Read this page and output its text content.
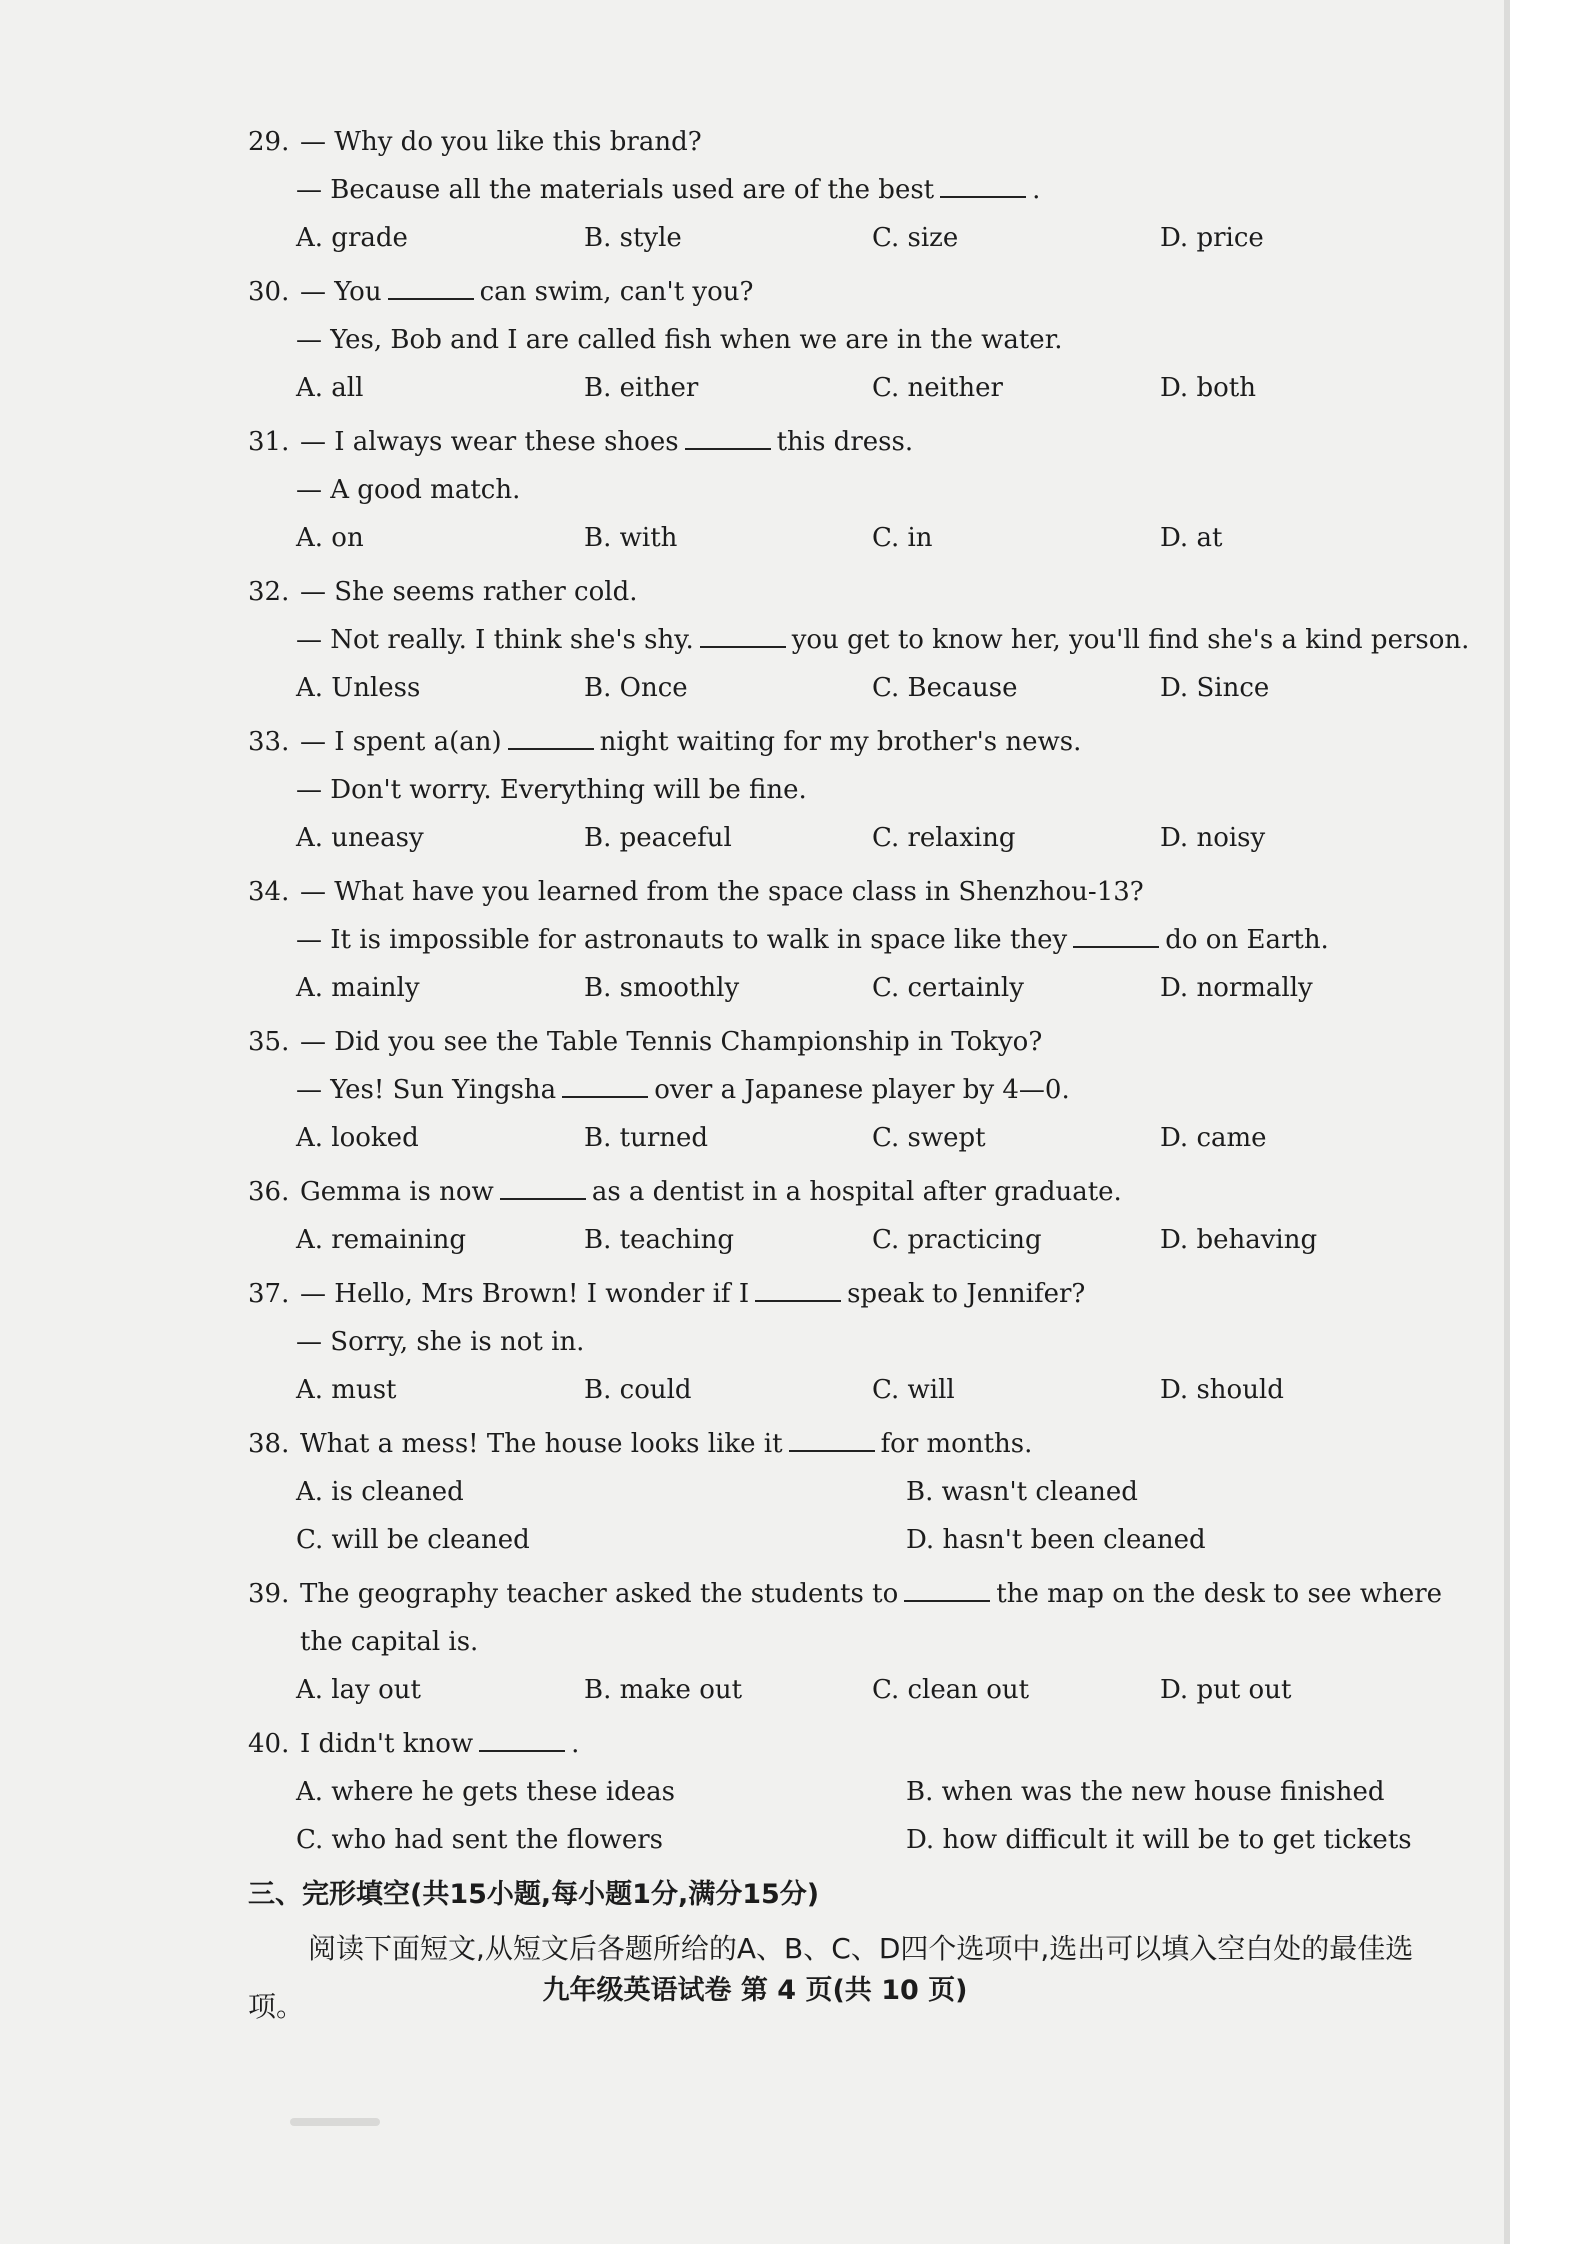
29. — Why do you like this brand?
— Because all the materials used are of the best	.
A. grade	B. style	C. size	D. price
30. — You	can swim, can't you?
— Yes, Bob and I are called fish when we are in the water.
A. all	B. either	C. neither	D. both
31. — I always wear these shoes	this dress.
— A good match.
A. on	B. with	C. in	D. at
32. — She seems rather cold.
— Not really. I think she's shy.	you get to know her, you'll find she's a kind person.
A. Unless	B. Once	C. Because	D. Since
33. — I spent a(an)	night waiting for my brother's news.
— Don't worry. Everything will be fine.
A. uneasy	B. peaceful	C. relaxing	D. noisy
34. — What have you learned from the space class in Shenzhou-13?
— It is impossible for astronauts to walk in space like they	do on Earth.
A. mainly	B. smoothly	C. certainly	D. normally
35. — Did you see the Table Tennis Championship in Tokyo?
— Yes! Sun Yingsha	over a Japanese player by 4—0.
A. looked	B. turned	C. swept	D. came
36. Gemma is now	as a dentist in a hospital after graduate.
A. remaining	B. teaching	C. practicing	D. behaving
37. — Hello, Mrs Brown! I wonder if I	speak to Jennifer?
— Sorry, she is not in.
A. must	B. could	C. will	D. should
38. What a mess! The house looks like it	for months.
A. is cleaned	B. wasn't cleaned
C. will be cleaned	D. hasn't been cleaned
39. The geography teacher asked the students to	the map on the desk to see where
the capital is.
A. lay out	B. make out	C. clean out	D. put out
40. I didn't know	.
A. where he gets these ideas	B. when was the new house finished
C. who had sent the flowers	D. how difficult it will be to get tickets
三、完形填空(共15小题,每小题1分,满分15分)
阅读下面短文,从短文后各题所给的A、B、C、D四个选项中,选出可以填入空白处的最佳选项。	九年级英语试卷 第 4 页(共 10 页)
